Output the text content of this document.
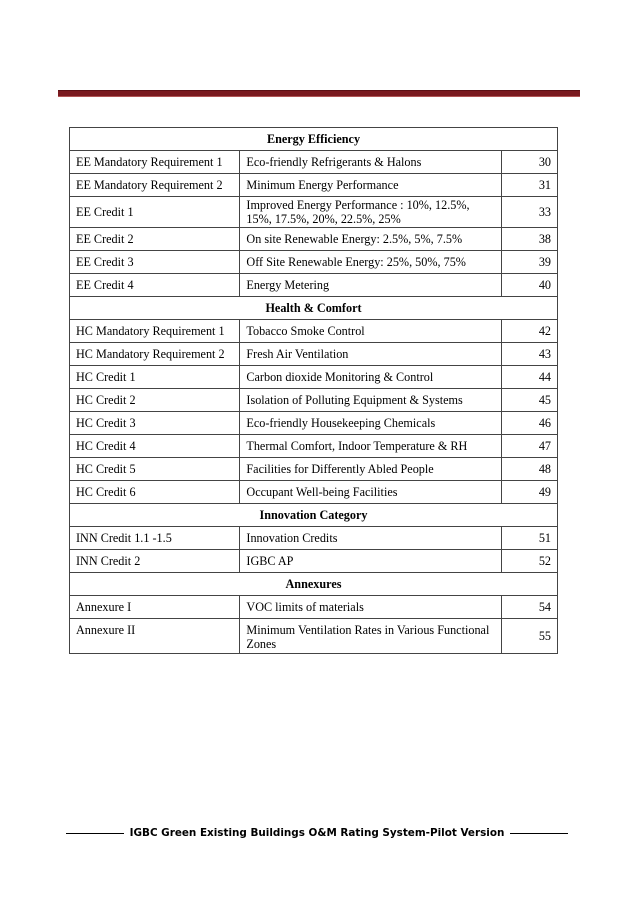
Energy Efficiency		
EE Mandatory Requirement 1	Eco-friendly Refrigerants & Halons	30
EE Mandatory Requirement 2	Minimum Energy Performance	31
EE Credit 1	Improved Energy Performance : 10%, 12.5%, 15%, 17.5%, 20%, 22.5%, 25%	33
EE Credit 2	On site Renewable Energy: 2.5%, 5%, 7.5%	38
EE Credit 3	Off Site Renewable Energy: 25%, 50%, 75%	39
EE Credit 4	Energy Metering	40
Health & Comfort		
HC Mandatory Requirement 1	Tobacco Smoke Control	42
HC Mandatory Requirement 2	Fresh Air Ventilation	43
HC Credit 1	Carbon dioxide Monitoring & Control	44
HC Credit 2	Isolation of Polluting Equipment & Systems	45
HC Credit 3	Eco-friendly Housekeeping Chemicals	46
HC Credit 4	Thermal Comfort, Indoor Temperature & RH	47
HC Credit 5	Facilities for Differently Abled People	48
HC Credit 6	Occupant Well-being Facilities	49
Innovation Category		
INN Credit 1.1 -1.5	Innovation Credits	51
INN Credit 2	IGBC AP	52
Annexures		
Annexure I	VOC limits of materials	54
Annexure II	Minimum Ventilation Rates in Various Functional Zones	55
IGBC Green Existing Buildings O&M Rating System-Pilot Version
